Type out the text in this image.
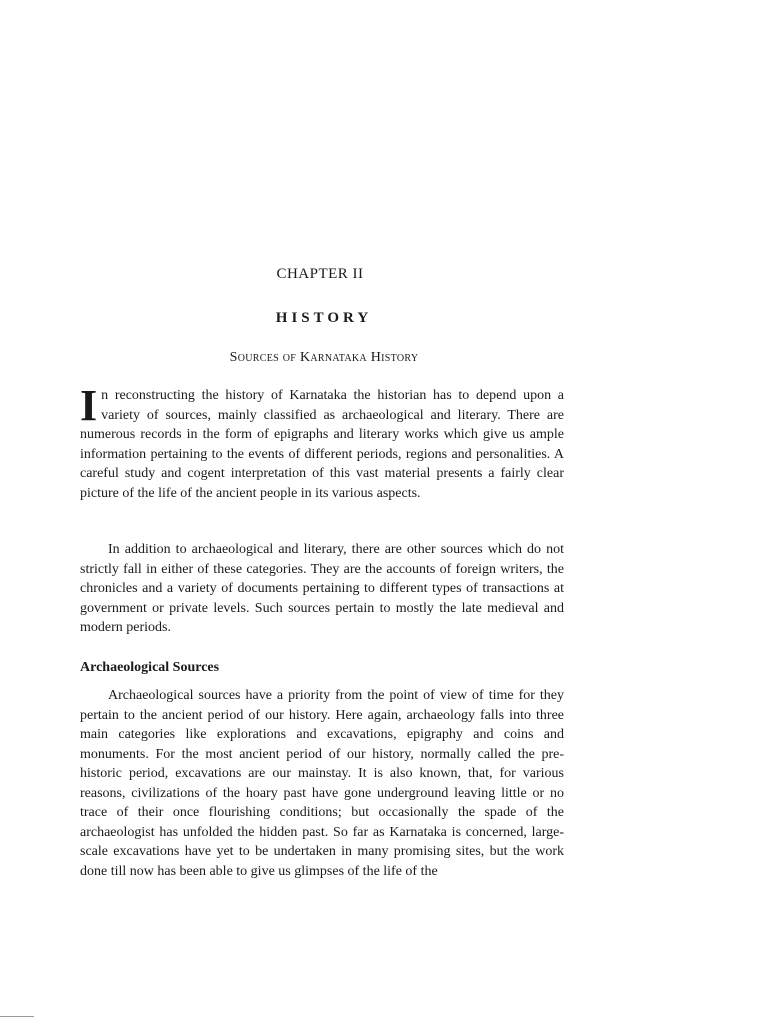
CHAPTER II
HISTORY
Sources of Karnataka History
In reconstructing the history of Karnataka the historian has to depend upon a variety of sources, mainly classified as archaeological and literary. There are numerous records in the form of epigraphs and literary works which give us ample information pertaining to the events of different periods, regions and personalities. A careful study and cogent interpretation of this vast material presents a fairly clear picture of the life of the ancient people in its various aspects.
In addition to archaeological and literary, there are other sources which do not strictly fall in either of these categories. They are the accounts of foreign writers, the chronicles and a variety of documents pertaining to different types of transactions at government or private levels. Such sources pertain to mostly the late medieval and modern periods.
Archaeological Sources
Archaeological sources have a priority from the point of view of time for they pertain to the ancient period of our history. Here again, archaeology falls into three main categories like explorations and excavations, epigraphy and coins and monuments. For the most ancient period of our history, normally called the pre-historic period, excavations are our mainstay. It is also known, that, for various reasons, civilizations of the hoary past have gone underground leaving little or no trace of their once flourishing conditions; but occasionally the spade of the archaeologist has unfolded the hidden past. So far as Karnataka is concerned, large-scale excavations have yet to be undertaken in many promising sites, but the work done till now has been able to give us glimpses of the life of the
